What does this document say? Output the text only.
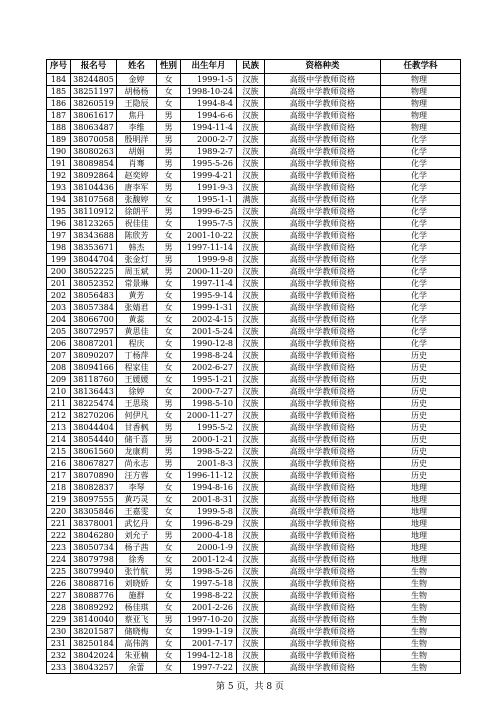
序号	报名号	姓名	性别	出生年月	民族	资格种类	任教学科
184	38244805	金婷	女	1999-1-5	汉族	高级中学教师资格	物理
185	38251197	胡杨杨	女	1998-10-24	汉族	高级中学教师资格	物理
186	38260519	王隐辰	女	1994-8-4	汉族	高级中学教师资格	物理
187	38061617	焦丹	男	1994-6-6	汉族	高级中学教师资格	物理
188	38063487	李维	男	1994-11-4	汉族	高级中学教师资格	物理
189	38070058	殷明洋	男	2000-2-7	汉族	高级中学教师资格	化学
190	38080263	胡娟	男	1989-2-7	汉族	高级中学教师资格	化学
191	38089854	肖骞	男	1995-5-26	汉族	高级中学教师资格	化学
192	38092864	赵奕婷	女	1999-4-21	汉族	高级中学教师资格	化学
193	38104436	唐李军	男	1991-9-3	汉族	高级中学教师资格	化学
194	38107568	张馥婷	女	1995-1-1	满族	高级中学教师资格	化学
195	38110912	徐朗平	男	1999-6-25	汉族	高级中学教师资格	化学
196	38123265	祝佳佳	女	1995-7-5	汉族	高级中学教师资格	化学
197	38343688	陈欣芳	女	2001-10-22	汉族	高级中学教师资格	化学
198	38353671	韩杰	男	1997-11-14	汉族	高级中学教师资格	化学
199	38044704	张金灯	男	1999-9-8	汉族	高级中学教师资格	化学
200	38052225	周玉斌	男	2000-11-20	汉族	高级中学教师资格	化学
201	38052352	常景琳	女	1997-11-4	汉族	高级中学教师资格	化学
202	38056483	黄芳	女	1995-9-14	汉族	高级中学教师资格	化学
203	38057384	张婧君	女	1999-1-31	汉族	高级中学教师资格	化学
204	38066700	黄蕊	女	2002-4-15	汉族	高级中学教师资格	化学
205	38072957	黄思佳	女	2001-5-24	汉族	高级中学教师资格	化学
206	38087201	程庆	女	1990-12-8	汉族	高级中学教师资格	化学
207	38090207	丁杨萍	女	1998-8-24	汉族	高级中学教师资格	历史
208	38094166	程家佳	女	2002-6-27	汉族	高级中学教师资格	历史
209	38118760	王媛媛	女	1995-1-21	汉族	高级中学教师资格	历史
210	38136443	徐婷	女	2000-7-27	汉族	高级中学教师资格	历史
211	38225474	王思琰	男	1998-5-10	汉族	高级中学教师资格	历史
212	38270206	何伊凡	女	2000-11-27	汉族	高级中学教师资格	历史
213	38044404	甘香枫	男	1995-5-2	汉族	高级中学教师资格	历史
214	38054440	储千喜	男	2000-1-21	汉族	高级中学教师资格	历史
215	38061560	龙康莉	男	1998-5-22	汉族	高级中学教师资格	历史
216	38067827	尚永志	男	2001-8-3	汉族	高级中学教师资格	历史
217	38070890	汪方蓉	女	1996-11-12	汉族	高级中学教师资格	历史
218	38082837	李琴	女	1994-8-16	汉族	高级中学教师资格	地理
219	38097555	黄巧灵	女	2001-8-31	汉族	高级中学教师资格	地理
220	38305846	王嘉雯	女	1999-5-8	汉族	高级中学教师资格	地理
221	38378001	武忆丹	女	1996-8-29	汉族	高级中学教师资格	地理
222	38046280	刘允子	男	2000-4-18	汉族	高级中学教师资格	地理
223	38050734	杨子茜	女	2000-1-9	汉族	高级中学教师资格	地理
224	38079798	徐秀	女	2001-12-4	汉族	高级中学教师资格	地理
225	38079940	张竹航	男	1998-5-26	汉族	高级中学教师资格	生物
226	38088716	刘晓娇	女	1997-5-18	汉族	高级中学教师资格	生物
227	38088776	施群	女	1998-8-22	汉族	高级中学教师资格	生物
228	38089292	杨佳琪	女	2001-2-26	汉族	高级中学教师资格	生物
229	38140040	蔡亚飞	男	1997-10-20	汉族	高级中学教师资格	生物
230	38201587	储晓梅	女	1999-1-19	汉族	高级中学教师资格	生物
231	38250184	高伟鸽	女	2001-7-17	汉族	高级中学教师资格	生物
232	38042024	朱亚楠	女	1994-12-18	汉族	高级中学教师资格	生物
233	38043257	余蕾	女	1997-7-22	汉族	高级中学教师资格	生物
第 5 页，共 8 页
